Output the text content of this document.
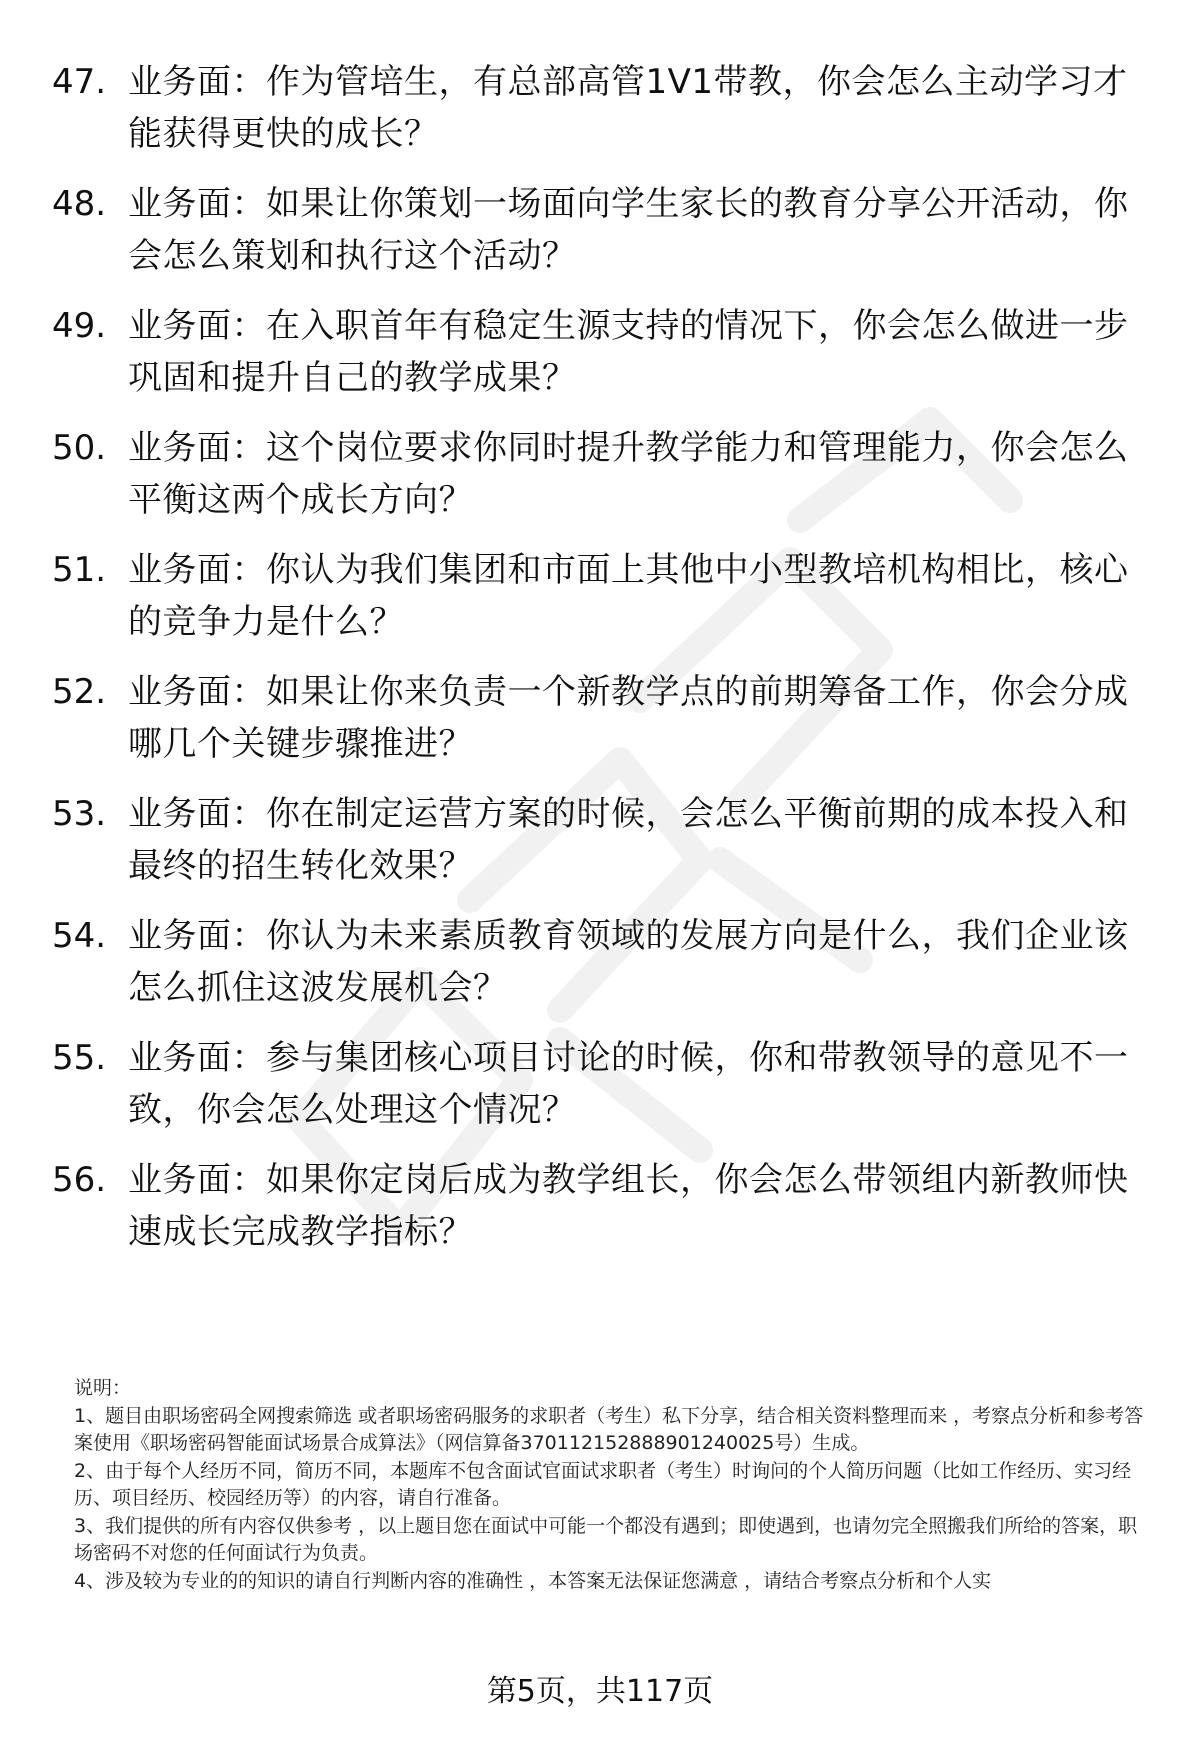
47. 业务面：作为管培生，有总部高管1V1带教，你会怎么主动学习才能获得更快的成长？
48. 业务面：如果让你策划一场面向学生家长的教育分享公开活动，你会怎么策划和执行这个活动？
49. 业务面：在入职首年有稳定生源支持的情况下，你会怎么做进一步巩固和提升自己的教学成果？
50. 业务面：这个岗位要求你同时提升教学能力和管理能力，你会怎么平衡这两个成长方向？
51. 业务面：你认为我们集团和市面上其他中小型教培机构相比，核心的竞争力是什么？
52. 业务面：如果让你来负责一个新教学点的前期筹备工作，你会分成哪几个关键步骤推进？
53. 业务面：你在制定运营方案的时候，会怎么平衡前期的成本投入和最终的招生转化效果？
54. 业务面：你认为未来素质教育领域的发展方向是什么，我们企业该怎么抓住这波发展机会？
55. 业务面：参与集团核心项目讨论的时候，你和带教领导的意见不一致，你会怎么处理这个情况？
56. 业务面：如果你定岗后成为教学组长，你会怎么带领组内新教师快速成长完成教学指标？

说明：

1、题目由职场密码全网搜索筛选 或者职场密码服务的求职者（考生）私下分享，结合相关资料整理而来 ，考察点分析和参考答案使用《职场密码智能面试场景合成算法》（网信算备370112152888901240025号）生成。

2、由于每个人经历不同，简历不同，本题库不包含面试官面试求职者（考生）时询问的个人简历问题（比如工作经历、实习经历、项目经历、校园经历等）的内容，请自行准备。

3、我们提供的所有内容仅供参考 ，以上题目您在面试中可能一个都没有遇到；即使遇到，也请勿完全照搬我们所给的答案，职场密码不对您的任何面试行为负责。

4、涉及较为专业的的知识的请自行判断内容的准确性 ，本答案无法保证您满意 ，请结合考察点分析和个人实

第5页，共117页
